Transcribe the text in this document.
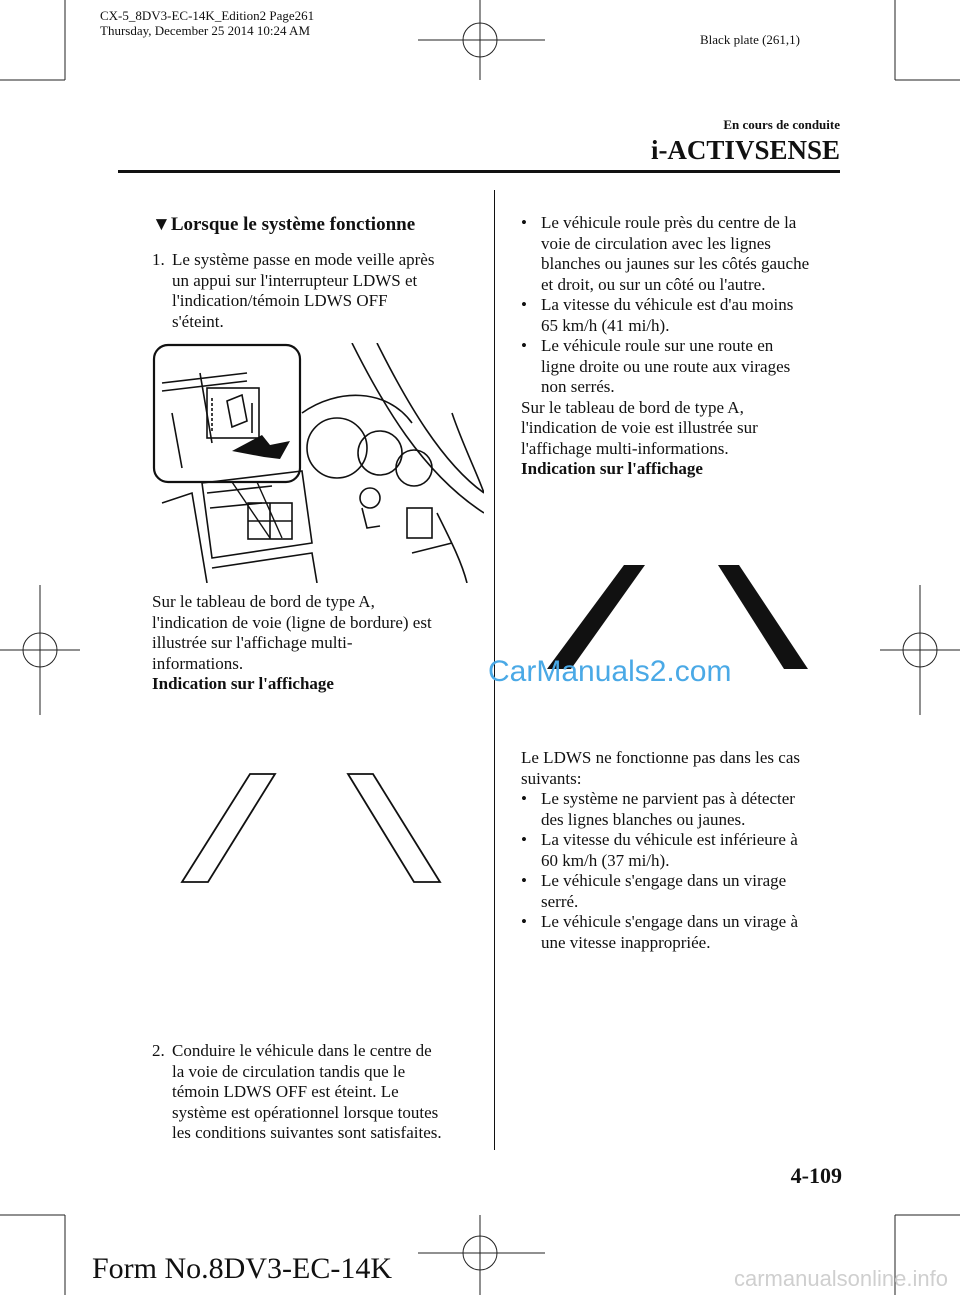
CX-5_8DV3-EC-14K_Edition2 Page261
Thursday, December 25 2014 10:24 AM
Black plate (261,1)
En cours de conduite
i-ACTIVSENSE
▼Lorsque le système fonctionne
1. Le système passe en mode veille après

un appui sur l'interrupteur LDWS et

l'indication/témoin LDWS OFF

s'éteint.

Sur le tableau de bord de type A,

l'indication de voie (ligne de bordure) est

illustrée sur l'affichage multi-

informations.

Indication sur l'affichage

2. Conduire le véhicule dans le centre de

la voie de circulation tandis que le

témoin LDWS OFF est éteint. Le

système est opérationnel lorsque toutes

les conditions suivantes sont satisfaites.

• Le véhicule roule près du centre de la

voie de circulation avec les lignes

blanches ou jaunes sur les côtés gauche

et droit, ou sur un côté ou l'autre.

• La vitesse du véhicule est d'au moins

65 km/h (41 mi/h).

• Le véhicule roule sur une route en

ligne droite ou une route aux virages

non serrés.

Sur le tableau de bord de type A,

l'indication de voie est illustrée sur

l'affichage multi-informations.

Indication sur l'affichage

CarManuals2.com

Le LDWS ne fonctionne pas dans les cas

suivants:

• Le système ne parvient pas à détecter

des lignes blanches ou jaunes.

• La vitesse du véhicule est inférieure à

60 km/h (37 mi/h).

• Le véhicule s'engage dans un virage

serré.

• Le véhicule s'engage dans un virage à

une vitesse inappropriée.

4-109
Form No.8DV3-EC-14K	carmanualsonline.info
